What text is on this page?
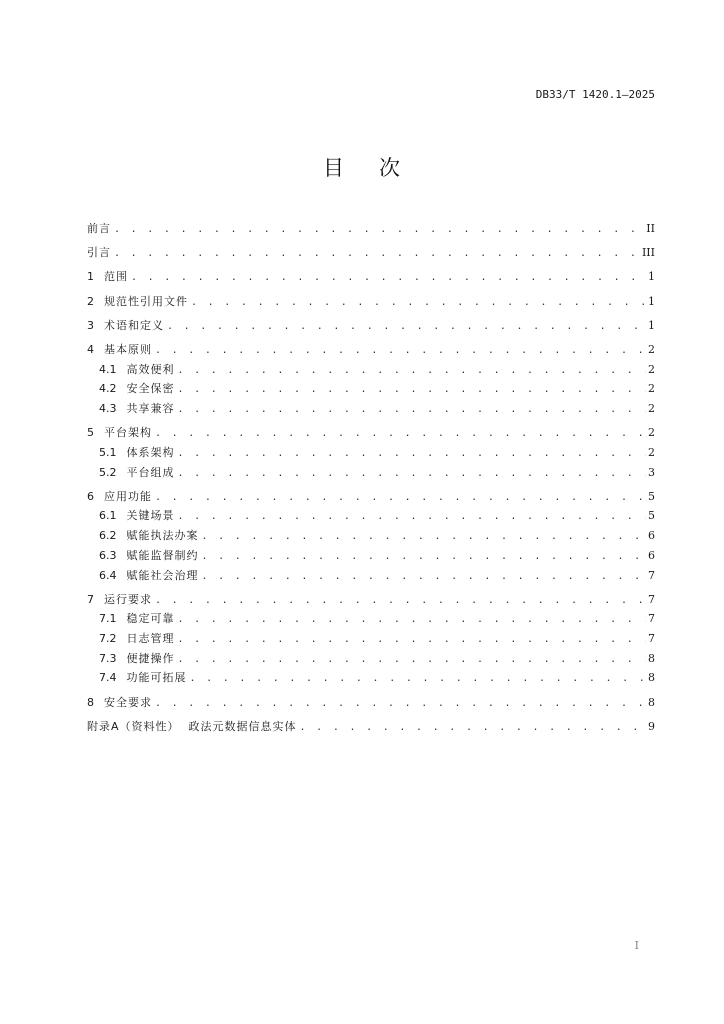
DB33/T 1420.1—2025
目 次
前言 . . .	II
引言 . . .	III
1 范围 . . .	1
2 规范性引用文件 . . .	1
3 术语和定义 . . .	1
4 基本原则 . . .	2
4.1 高效便利 . . .	2
4.2 安全保密 . . .	2
4.3 共享兼容 . . .	2
5 平台架构 . . .	2
5.1 体系架构 . . .	2
5.2 平台组成 . . .	3
6 应用功能 . . .	5
6.1 关键场景 . . .	5
6.2 赋能执法办案 . . .	6
6.3 赋能监督制约 . . .	6
6.4 赋能社会治理 . . .	7
7 运行要求 . . .	7
7.1 稳定可靠 . . .	7
7.2 日志管理 . . .	7
7.3 便捷操作 . . .	8
7.4 功能可拓展 . . .	8
8 安全要求 . . .	8
附录A（资料性）  政法元数据信息实体 . . .	9
I
